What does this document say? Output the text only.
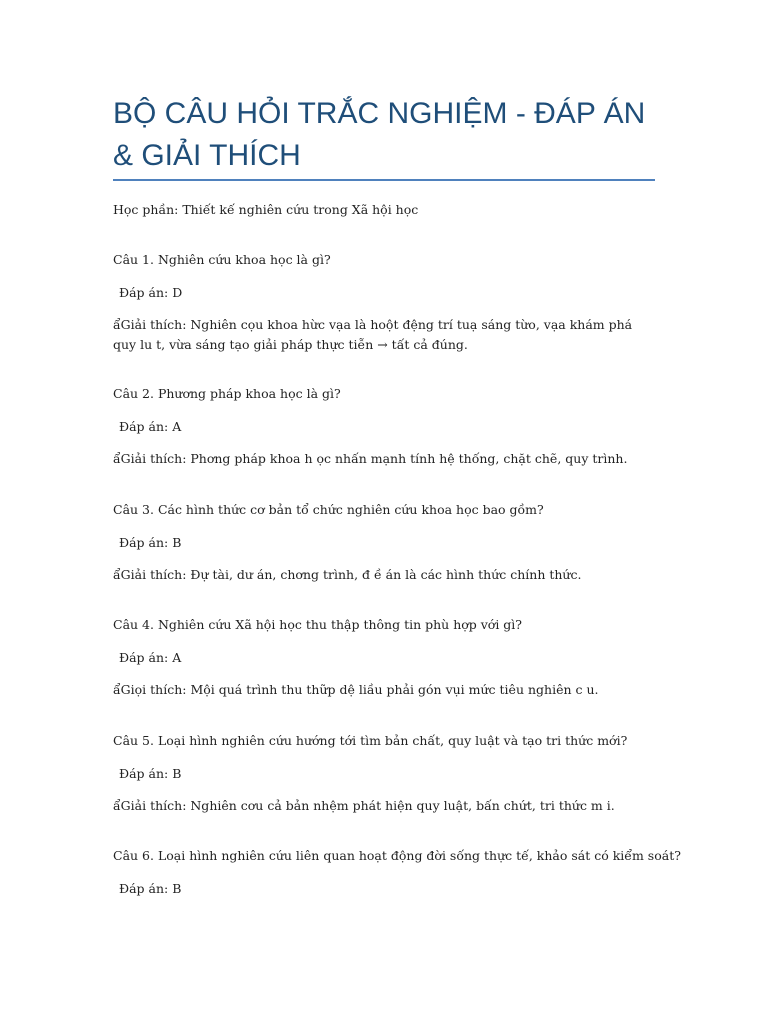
BỘ CÂU HỎI TRẮC NGHIỆM - ĐÁP ÁN & GIẢI THÍCH
Học phần: Thiết kế nghiên cứu trong Xã hội học

Câu 1. Nghiên cứu khoa học là gì?

Đáp án: D

ẩGiải thích: Nghiên cọu khoa hừc vạa là hoột đệng trí tuạ sáng từo, vạa khám phá quy lu t, vừa sáng tạo giải pháp thực tiễn → tất cả đúng.

Câu 2. Phương pháp khoa học là gì?

Đáp án: A

ẩGiải thích: Phơng pháp khoa h ọc nhấn mạnh tính hệ thống, chặt chẽ, quy trình.

Câu 3. Các hình thức cơ bản tổ chức nghiên cứu khoa học bao gồm?

Đáp án: B

ẩGiải thích: Đự tài, dư án, chơng trình, đ ề án là các hình thức chính thức.

Câu 4. Nghiên cứu Xã hội học thu thập thông tin phù hợp với gì?

Đáp án: A

ẩGiọi thích: Mội quá trình thu thữp dệ liầu phải gón vụi mức tiêu nghiên c u.

Câu 5. Loại hình nghiên cứu hướng tới tìm bản chất, quy luật và tạo tri thức mới?

Đáp án: B

ẩGiải thích: Nghiên cơu cả bản nhệm phát hiện quy luật, bấn chứt, tri thức m i.

Câu 6. Loại hình nghiên cứu liên quan hoạt động đời sống thực tế, khảo sát có kiểm soát?

Đáp án: B
